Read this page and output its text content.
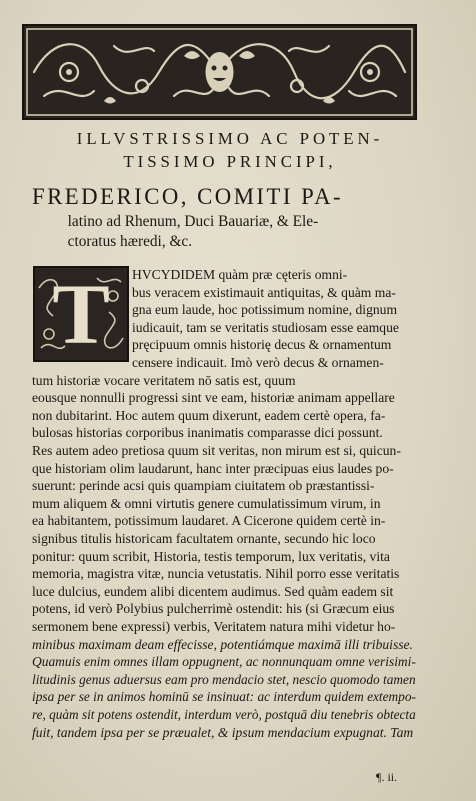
ILLVSTRISSIMO AC POTEN-
TISSIMO PRINCIPI,
FREDERICO, COMITI PA-
latino ad Rhenum, Duci Bauariæ, & Ele-
ctoratus hæredi, &c.
T	HVCYDIDEM quàm præ cęteris omni-
bus veracem existimauit antiquitas, & quàm ma-
gna eum laude, hoc potissimum nomine, dignum
iudicauit, tam se veritatis studiosam esse eamque
pręcipuum omnis historię decus & ornamentum
censere indicauit. Imò verò decus & ornamen-
tum historiæ vocare veritatem nō satis est, quum
eousque nonnulli progressi sint ve eam, historiæ animam appellare
non dubitarint. Hoc autem quum dixerunt, eadem certè opera, fa-
bulosas historias corporibus inanimatis comparasse dici possunt.
Res autem adeo pretiosa quum sit veritas, non mirum est si, quicun-
que historiam olim laudarunt, hanc inter præcipuas eius laudes po-
suerunt: perinde acsi quis quampiam ciuitatem ob præstantissi-
mum aliquem & omni virtutis genere cumulatissimum virum, in
ea habitantem, potissimum laudaret. A Cicerone quidem certè in-
signibus titulis historicam facultatem ornante, secundo hic loco
ponitur: quum scribit, Historia, testis temporum, lux veritatis, vita
memoria, magistra vitæ, nuncia vetustatis. Nihil porro esse veritatis
luce dulcius, eundem alibi dicentem audimus. Sed quàm eadem sit
potens, id verò Polybius pulcherrimè ostendit: his (si Græcum eius
sermonem bene expressi) verbis, Veritatem natura mihi videtur ho-
minibus maximam deam effecisse, potentiámque maximā illi tribuisse.
Quamuis enim omnes illam oppugnent, ac nonnunquam omne verisimi-
litudinis genus aduersus eam pro mendacio stet, nescio quomodo tamen
ipsa per se in animos hominū se insinuat: ac interdum quidem extempo-
re, quàm sit potens ostendit, interdum verò, postquā diu tenebris obtecta
fuit, tandem ipsa per se præualet, & ipsum mendacium expugnat. Tam
¶. ii.
